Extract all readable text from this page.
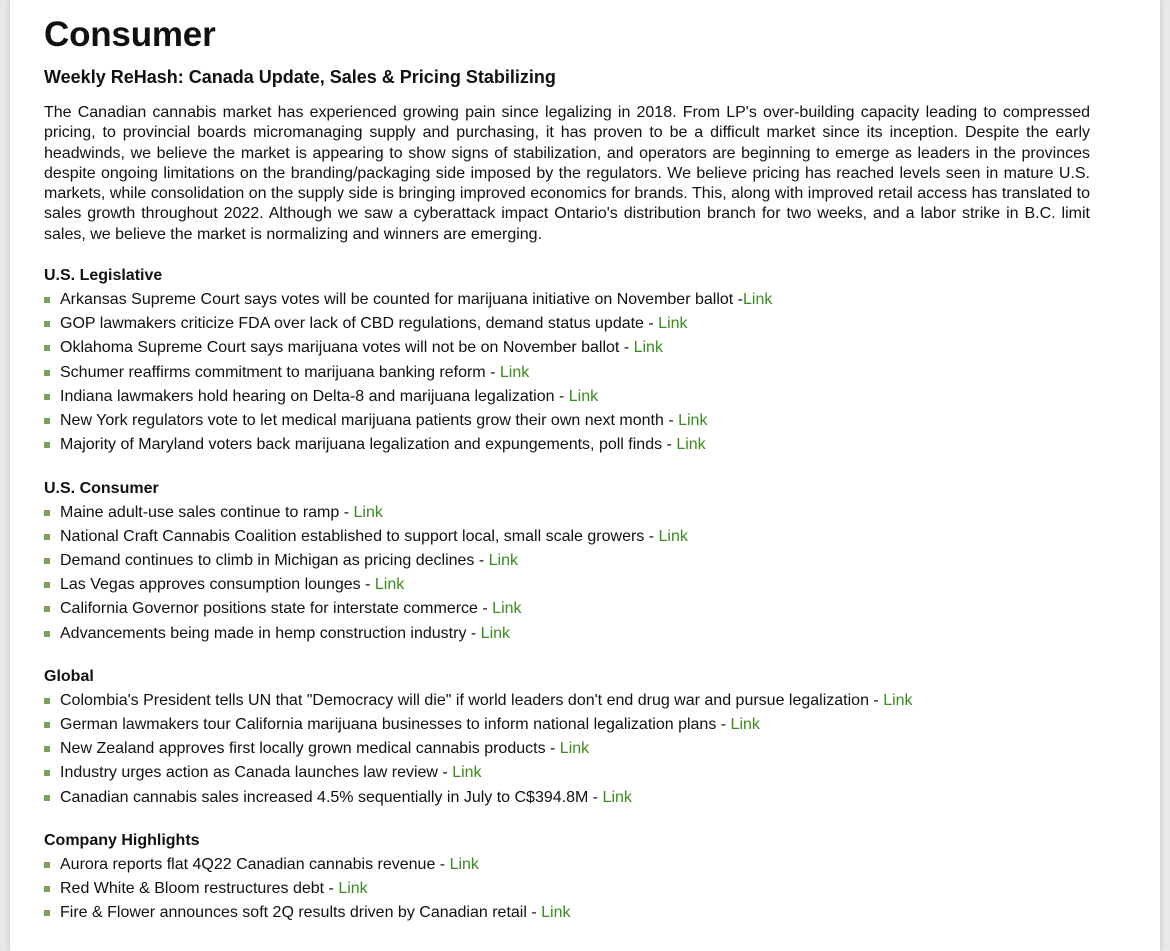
Consumer
Weekly ReHash: Canada Update, Sales & Pricing Stabilizing

The Canadian cannabis market has experienced growing pain since legalizing in 2018. From LP's over-building capacity leading to compressed pricing, to provincial boards micromanaging supply and purchasing, it has proven to be a difficult market since its inception. Despite the early headwinds, we believe the market is appearing to show signs of stabilization, and operators are beginning to emerge as leaders in the provinces despite ongoing limitations on the branding/packaging side imposed by the regulators. We believe pricing has reached levels seen in mature U.S. markets, while consolidation on the supply side is bringing improved economics for brands. This, along with improved retail access has translated to sales growth throughout 2022. Although we saw a cyberattack impact Ontario's distribution branch for two weeks, and a labor strike in B.C. limit sales, we believe the market is normalizing and winners are emerging.

U.S. Legislative
Arkansas Supreme Court says votes will be counted for marijuana initiative on November ballot -Link
GOP lawmakers criticize FDA over lack of CBD regulations, demand status update - Link
Oklahoma Supreme Court says marijuana votes will not be on November ballot - Link
Schumer reaffirms commitment to marijuana banking reform - Link
Indiana lawmakers hold hearing on Delta-8 and marijuana legalization - Link
New York regulators vote to let medical marijuana patients grow their own next month - Link
Majority of Maryland voters back marijuana legalization and expungements, poll finds - Link
U.S. Consumer
Maine adult-use sales continue to ramp - Link
National Craft Cannabis Coalition established to support local, small scale growers - Link
Demand continues to climb in Michigan as pricing declines - Link
Las Vegas approves consumption lounges - Link
California Governor positions state for interstate commerce - Link
Advancements being made in hemp construction industry - Link
Global
Colombia's President tells UN that "Democracy will die" if world leaders don't end drug war and pursue legalization - Link
German lawmakers tour California marijuana businesses to inform national legalization plans - Link
New Zealand approves first locally grown medical cannabis products - Link
Industry urges action as Canada launches law review - Link
Canadian cannabis sales increased 4.5% sequentially in July to C$394.8M - Link
Company Highlights
Aurora reports flat 4Q22 Canadian cannabis revenue - Link
Red White & Bloom restructures debt - Link
Fire & Flower announces soft 2Q results driven by Canadian retail - Link
